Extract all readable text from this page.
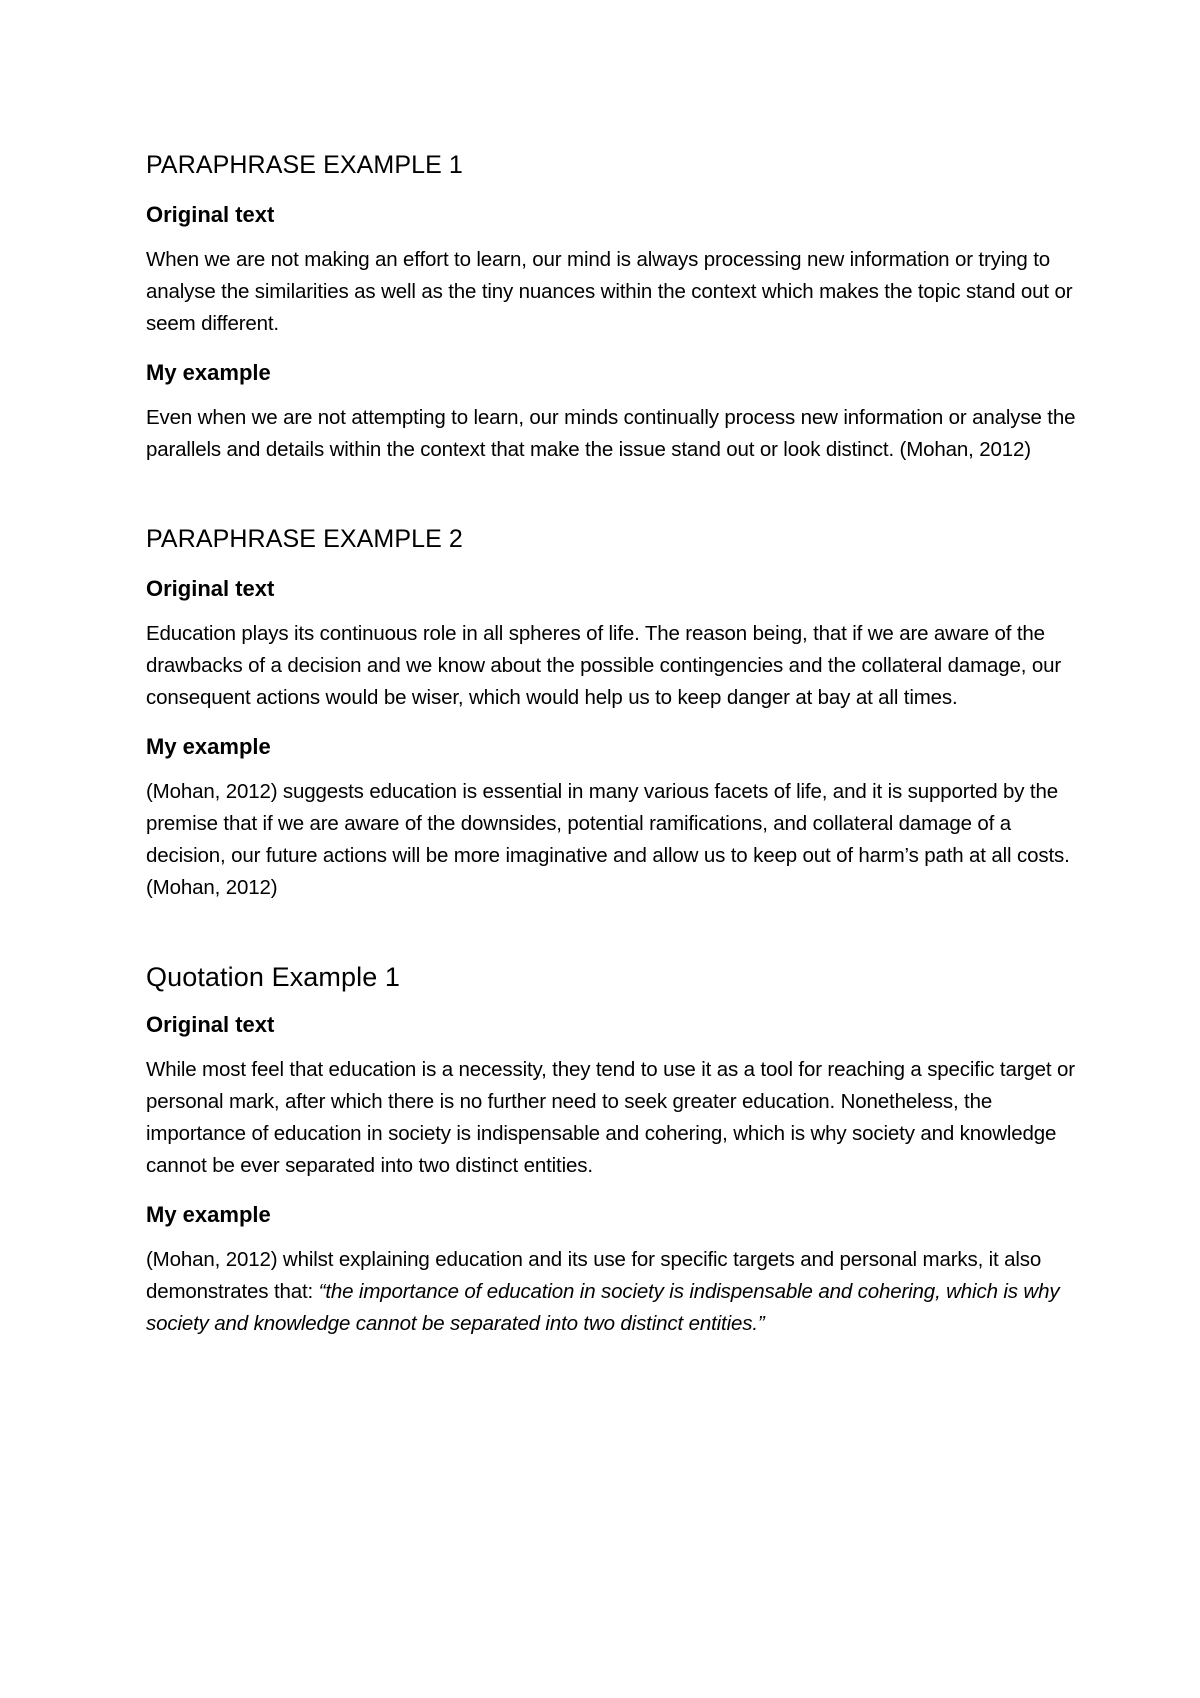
PARAPHRASE EXAMPLE 1
Original text

When we are not making an effort to learn, our mind is always processing new information or trying to analyse the similarities as well as the tiny nuances within the context which makes the topic stand out or seem different.

My example

Even when we are not attempting to learn, our minds continually process new information or analyse the parallels and details within the context that make the issue stand out or look distinct. (Mohan, 2012)

PARAPHRASE EXAMPLE 2
Original text

Education plays its continuous role in all spheres of life. The reason being, that if we are aware of the drawbacks of a decision and we know about the possible contingencies and the collateral damage, our consequent actions would be wiser, which would help us to keep danger at bay at all times.

My example

(Mohan, 2012) suggests education is essential in many various facets of life, and it is supported by the premise that if we are aware of the downsides, potential ramifications, and collateral damage of a decision, our future actions will be more imaginative and allow us to keep out of harm’s path at all costs. (Mohan, 2012)

Quotation Example 1
Original text

While most feel that education is a necessity, they tend to use it as a tool for reaching a specific target or personal mark, after which there is no further need to seek greater education. Nonetheless, the importance of education in society is indispensable and cohering, which is why society and knowledge cannot be ever separated into two distinct entities.

My example

(Mohan, 2012) whilst explaining education and its use for specific targets and personal marks, it also demonstrates that: “the importance of education in society is indispensable and cohering, which is why society and knowledge cannot be separated into two distinct entities.”
